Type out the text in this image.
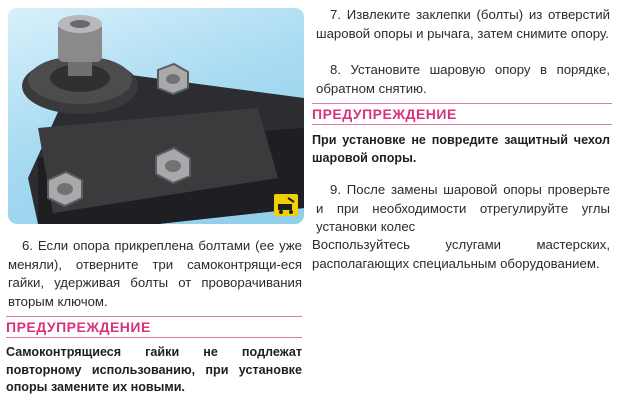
7. Извлеките заклепки (болты) из отверстий шаровой опоры и рычага, затем снимите опору.
8. Установите шаровую опору в порядке, обратном снятию.
ПРЕДУПРЕЖДЕНИЕ
При установке не повредите защитный чехол шаровой опоры.
9. После замены шаровой опоры проверьте и при необходимости отрегулируйте углы установки колес
Воспользуйтесь услугами мастерских, располагающих специальным оборудованием.
6. Если опора прикреплена болтами (ее уже меняли), отверните три самоконтрящи-еся гайки, удерживая болты от проворачивания вторым ключом.
ПРЕДУПРЕЖДЕНИЕ
Самоконтрящиеся гайки не подлежат повторному использованию, при установке опоры замените их новыми.
